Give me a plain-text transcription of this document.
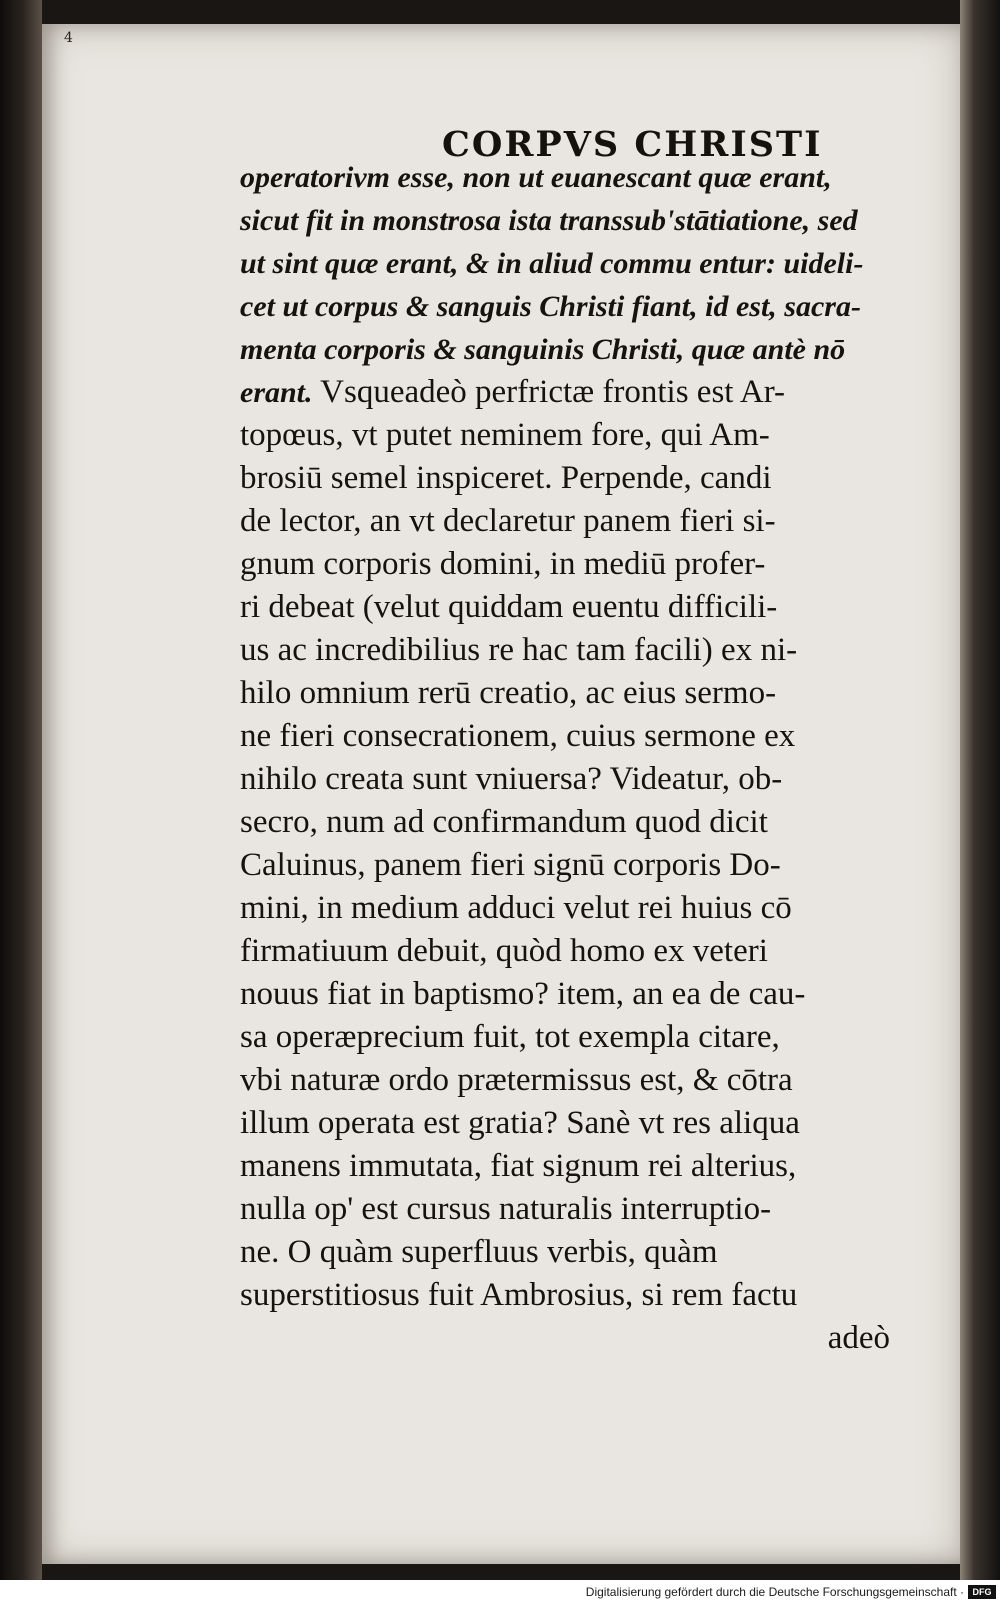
4
CORPVS CHRISTI
operatorivm esse, non ut euanescant quæ erant,
sicut fit in monstrosa ista transsub'stātiatione, sed
ut sint quæ erant, & in aliud commu entur: uideli-
cet ut corpus & sanguis Christi fiant, id est, sacra-
menta corporis & sanguinis Christi, quæ antè nō
erant. Vsqueadeò perfrictæ frontis est Ar-
topœus, vt putet neminem fore, qui Am-
brosiū semel inspiceret. Perpende, candi
de lector, an vt declaretur panem fieri si-
gnum corporis domini, in mediū profer-
ri debeat (velut quiddam euentu difficili-
us ac incredibilius re hac tam facili) ex ni-
hilo omnium rerū creatio, ac eius sermo-
ne fieri consecrationem, cuius sermone ex
nihilo creata sunt vniuersa? Videatur, ob-
secro, num ad confirmandum quod dicit
Caluinus, panem fieri signū corporis Do-
mini, in medium adduci velut rei huius cō
firmatiuum debuit, quòd homo ex veteri
nouus fiat in baptismo? item, an ea de cau-
sa operæprecium fuit, tot exempla citare,
vbi naturæ ordo prætermissus est, & cōtra
illum operata est gratia? Sanè vt res aliqua
manens immutata, fiat signum rei alterius,
nulla op' est cursus naturalis interruptio-
ne. O quàm superfluus verbis, quàm
superstitiosus fuit Ambrosius, si rem factu
adeò
Digitalisierung gefördert durch die Deutsche Forschungsgemeinschaft · DFG
